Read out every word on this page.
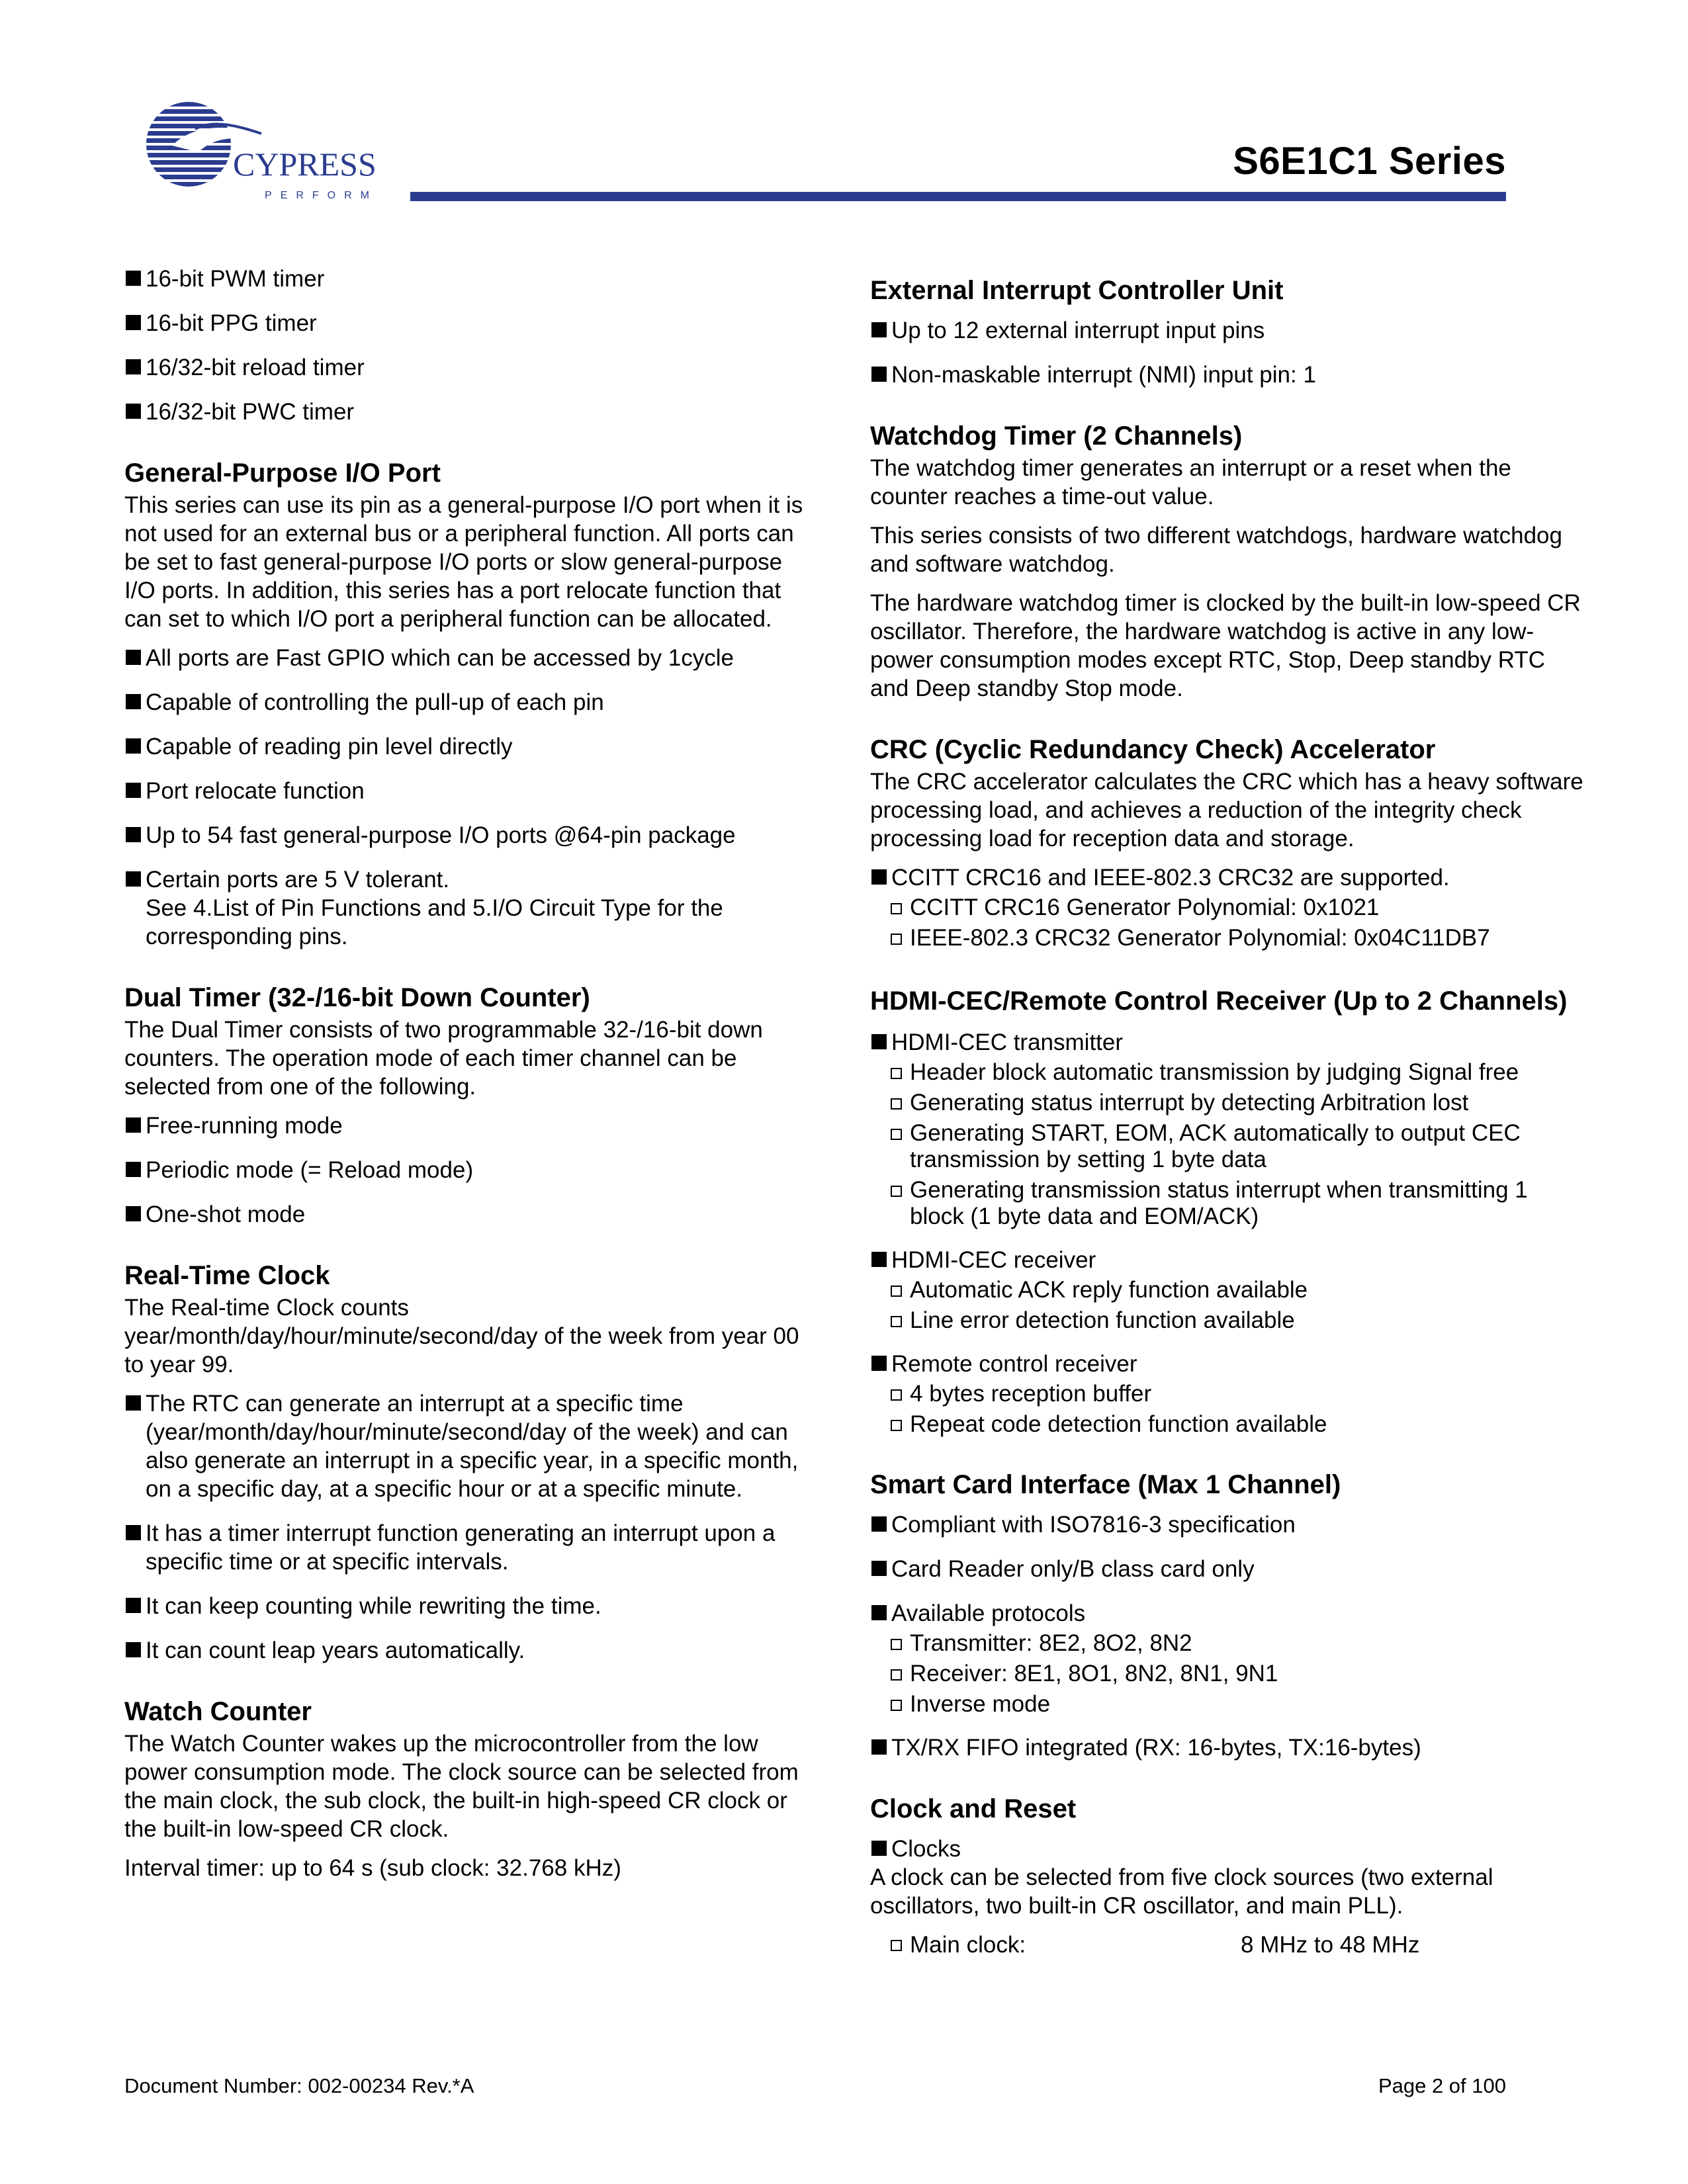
CYPRESS
PERFORM
S6E1C1 Series
16-bit PWM timer
16-bit PPG timer
16/32-bit reload timer
16/32-bit PWC timer
General-Purpose I/O Port

This series can use its pin as a general-purpose I/O port when it is not used for an external bus or a peripheral function. All ports can be set to fast general-purpose I/O ports or slow general-purpose I/O ports. In addition, this series has a port relocate function that can set to which I/O port a peripheral function can be allocated.

All ports are Fast GPIO which can be accessed by 1cycle
Capable of controlling the pull-up of each pin
Capable of reading pin level directly
Port relocate function
Up to 54 fast general-purpose I/O ports @64-pin package
Certain ports are 5 V tolerant.
See 4.List of Pin Functions and 5.I/O Circuit Type for the corresponding pins.
Dual Timer (32-/16-bit Down Counter)

The Dual Timer consists of two programmable 32-/16-bit down counters. The operation mode of each timer channel can be selected from one of the following.

Free-running mode
Periodic mode (= Reload mode)
One-shot mode
Real-Time Clock

The Real-time Clock counts year/month/day/hour/minute/second/day of the week from year 00 to year 99.

The RTC can generate an interrupt at a specific time (year/month/day/hour/minute/second/day of the week) and can also generate an interrupt in a specific year, in a specific month, on a specific day, at a specific hour or at a specific minute.
It has a timer interrupt function generating an interrupt upon a specific time or at specific intervals.
It can keep counting while rewriting the time.
It can count leap years automatically.
Watch Counter

The Watch Counter wakes up the microcontroller from the low power consumption mode. The clock source can be selected from the main clock, the sub clock, the built-in high-speed CR clock or the built-in low-speed CR clock.

Interval timer: up to 64 s (sub clock: 32.768 kHz)

External Interrupt Controller Unit
Up to 12 external interrupt input pins
Non-maskable interrupt (NMI) input pin: 1
Watchdog Timer (2 Channels)

The watchdog timer generates an interrupt or a reset when the counter reaches a time-out value.

This series consists of two different watchdogs, hardware watchdog and software watchdog.

The hardware watchdog timer is clocked by the built-in low-speed CR oscillator. Therefore, the hardware watchdog is active in any low-power consumption modes except RTC, Stop, Deep standby RTC and Deep standby Stop mode.

CRC (Cyclic Redundancy Check) Accelerator

The CRC accelerator calculates the CRC which has a heavy software processing load, and achieves a reduction of the integrity check processing load for reception data and storage.

CCITT CRC16 and IEEE-802.3 CRC32 are supported.
CCITT CRC16 Generator Polynomial: 0x1021
IEEE-802.3 CRC32 Generator Polynomial: 0x04C11DB7
HDMI-CEC/Remote Control Receiver (Up to 2 Channels)
HDMI-CEC transmitter
Header block automatic transmission by judging Signal free
Generating status interrupt by detecting Arbitration lost
Generating START, EOM, ACK automatically to output CEC transmission by setting 1 byte data
Generating transmission status interrupt when transmitting 1 block (1 byte data and EOM/ACK)
HDMI-CEC receiver
Automatic ACK reply function available
Line error detection function available
Remote control receiver
4 bytes reception buffer
Repeat code detection function available
Smart Card Interface (Max 1 Channel)
Compliant with ISO7816-3 specification
Card Reader only/B class card only
Available protocols
Transmitter: 8E2, 8O2, 8N2
Receiver: 8E1, 8O1, 8N2, 8N1, 9N1
Inverse mode
TX/RX FIFO integrated (RX: 16-bytes, TX:16-bytes)
Clock and Reset
Clocks

A clock can be selected from five clock sources (two external oscillators, two built-in CR oscillator, and main PLL).

Main clock:	8 MHz to 48 MHz
Document Number: 002-00234 Rev.*A	Page 2 of 100
